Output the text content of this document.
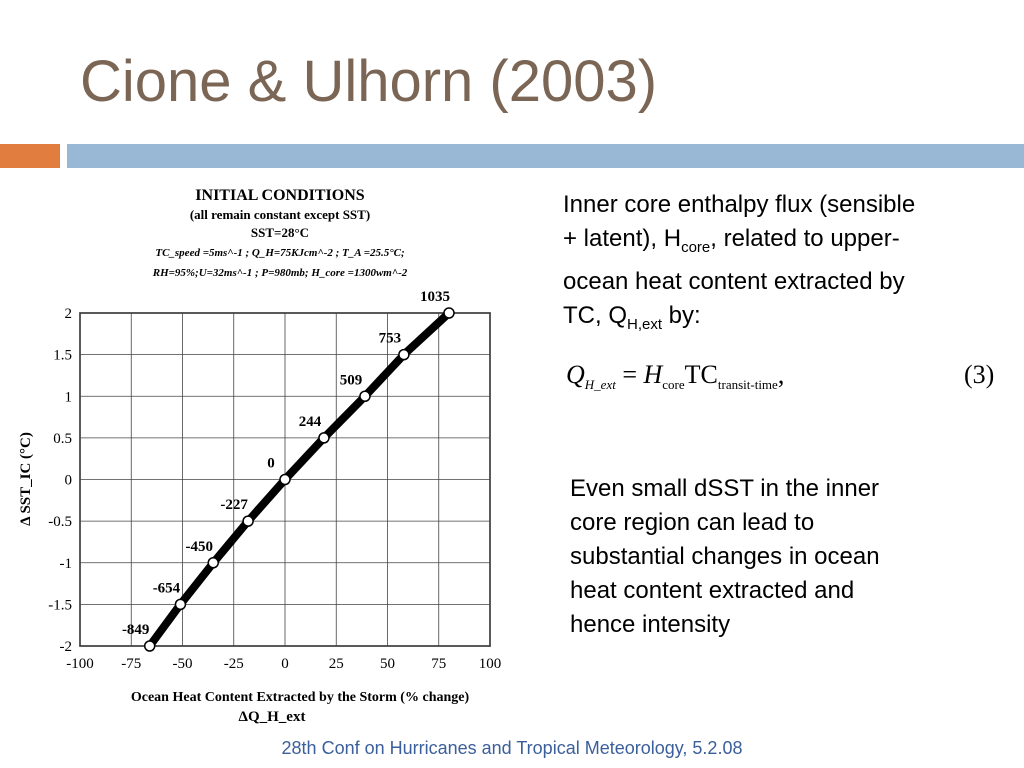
Cione & Ulhorn (2003)
INITIAL CONDITIONS
(all remain constant except SST)
SST=28°C
TC_speed =5ms^-1 ; Q_H=75KJcm^-2 ; T_A =25.5°C;
RH=95%;U=32ms^-1 ; P=980mb; H_core =1300wm^-2
2
1.5
1
0.5
0
-0.5
-1
-1.5
-2
-100 -75 -50 -25	0	25 50 75 100
-849
-654
-450
-227
0
244
509
753
1035
Δ SST_IC (°C)
Ocean Heat Content Extracted by the Storm (% change)
ΔQ_H_ext
Inner core enthalpy flux (sensible
+ latent), $H_{core}$, related to upper-
ocean heat content extracted by
TC, $Q_{H,ext}$ by:
$Q_{H\_ext} = H_{core}TC_{transit-time}$,	(3)
Even small dSST in the inner
core region can lead to
substantial changes in ocean
heat content extracted and
hence intensity
28th Conf on Hurricanes and Tropical Meteorology, 5.2.08
